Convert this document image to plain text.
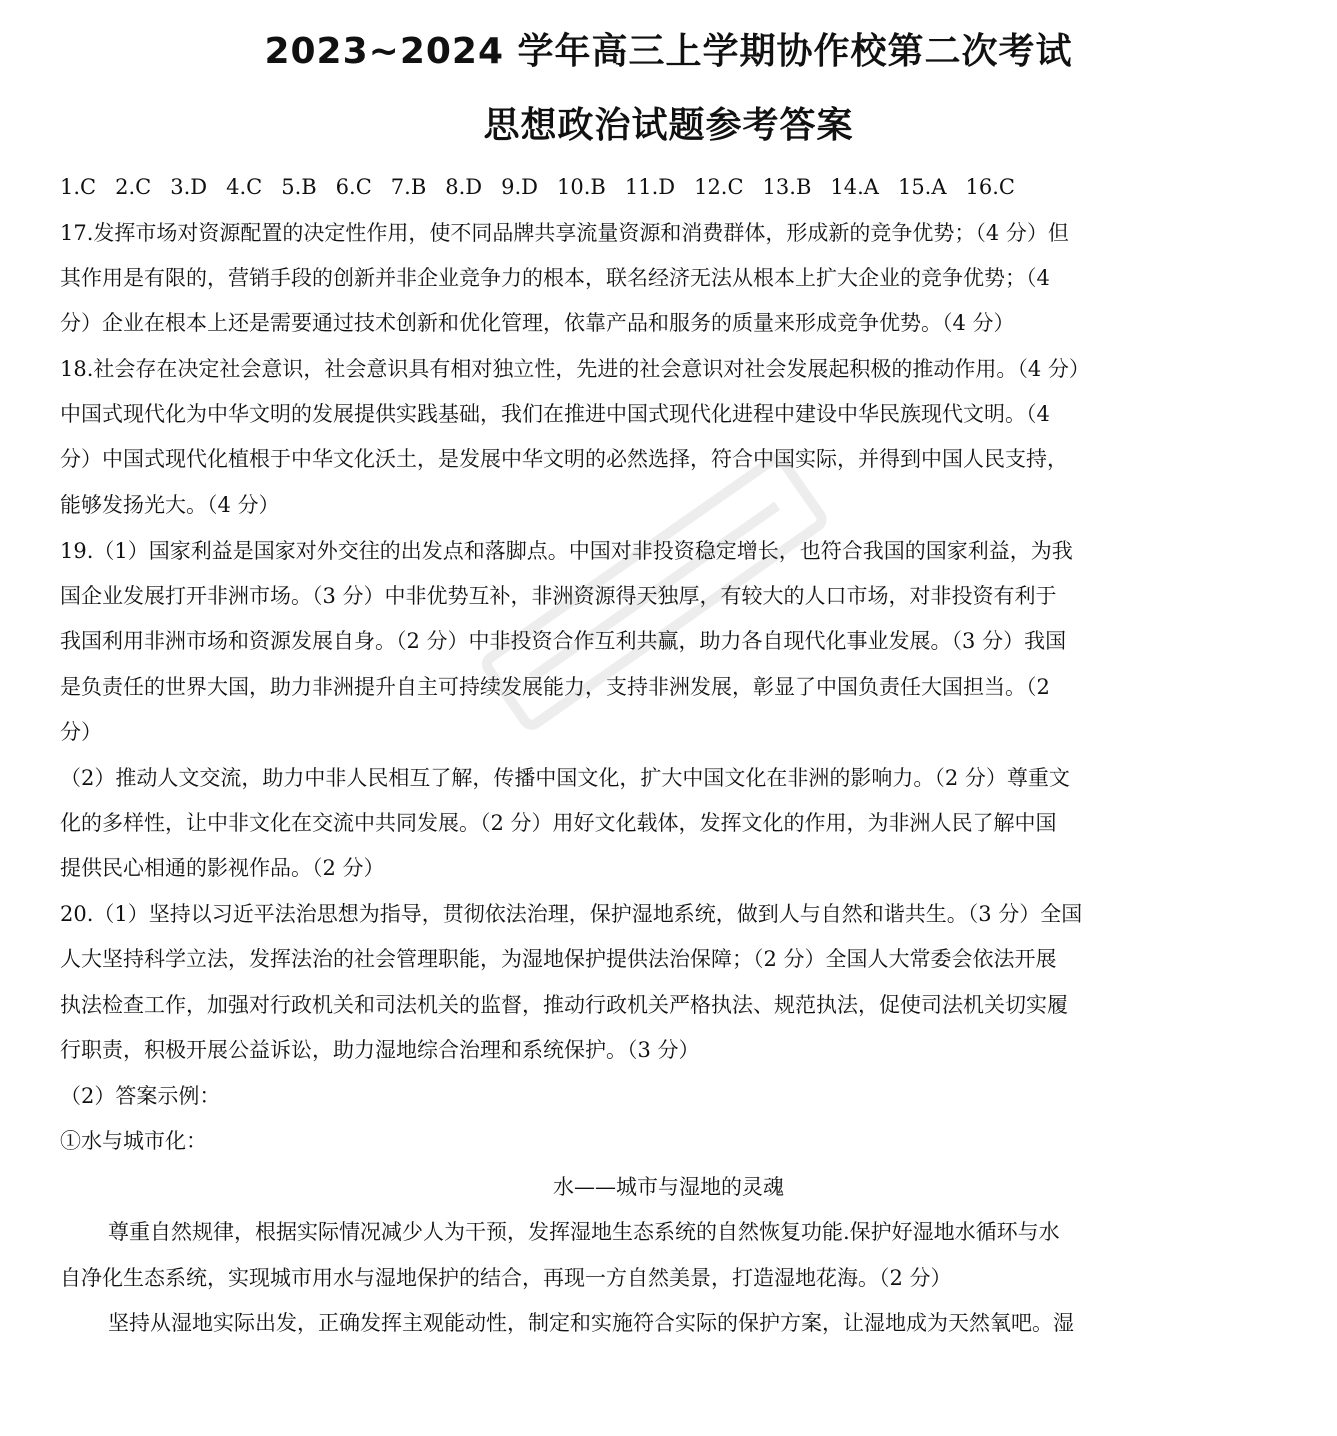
2023~2024 学年高三上学期协作校第二次考试
思想政治试题参考答案
1.C 2.C 3.D 4.C 5.B 6.C 7.B 8.D 9.D 10.B 11.D 12.C 13.B 14.A 15.A 16.C
17.发挥市场对资源配置的决定性作用，使不同品牌共享流量资源和消费群体，形成新的竞争优势；（4 分）但
其作用是有限的，营销手段的创新并非企业竞争力的根本，联名经济无法从根本上扩大企业的竞争优势；（4
分）企业在根本上还是需要通过技术创新和优化管理，依靠产品和服务的质量来形成竞争优势。（4 分）
18.社会存在决定社会意识，社会意识具有相对独立性，先进的社会意识对社会发展起积极的推动作用。（4 分）
中国式现代化为中华文明的发展提供实践基础，我们在推进中国式现代化进程中建设中华民族现代文明。（4
分）中国式现代化植根于中华文化沃土，是发展中华文明的必然选择，符合中国实际，并得到中国人民支持，
能够发扬光大。（4 分）
19.（1）国家利益是国家对外交往的出发点和落脚点。中国对非投资稳定增长，也符合我国的国家利益，为我
国企业发展打开非洲市场。（3 分）中非优势互补，非洲资源得天独厚，有较大的人口市场，对非投资有利于
我国利用非洲市场和资源发展自身。（2 分）中非投资合作互利共赢，助力各自现代化事业发展。（3 分）我国
是负责任的世界大国，助力非洲提升自主可持续发展能力，支持非洲发展，彰显了中国负责任大国担当。（2
分）
（2）推动人文交流，助力中非人民相互了解，传播中国文化，扩大中国文化在非洲的影响力。（2 分）尊重文
化的多样性，让中非文化在交流中共同发展。（2 分）用好文化载体，发挥文化的作用，为非洲人民了解中国
提供民心相通的影视作品。（2 分）
20.（1）坚持以习近平法治思想为指导，贯彻依法治理，保护湿地系统，做到人与自然和谐共生。（3 分）全国
人大坚持科学立法，发挥法治的社会管理职能，为湿地保护提供法治保障；（2 分）全国人大常委会依法开展
执法检查工作，加强对行政机关和司法机关的监督，推动行政机关严格执法、规范执法，促使司法机关切实履
行职责，积极开展公益诉讼，助力湿地综合治理和系统保护。（3 分）
（2）答案示例：
①水与城市化：
水——城市与湿地的灵魂
尊重自然规律，根据实际情况减少人为干预，发挥湿地生态系统的自然恢复功能.保护好湿地水循环与水
自净化生态系统，实现城市用水与湿地保护的结合，再现一方自然美景，打造湿地花海。（2 分）
坚持从湿地实际出发，正确发挥主观能动性，制定和实施符合实际的保护方案，让湿地成为天然氧吧。湿
